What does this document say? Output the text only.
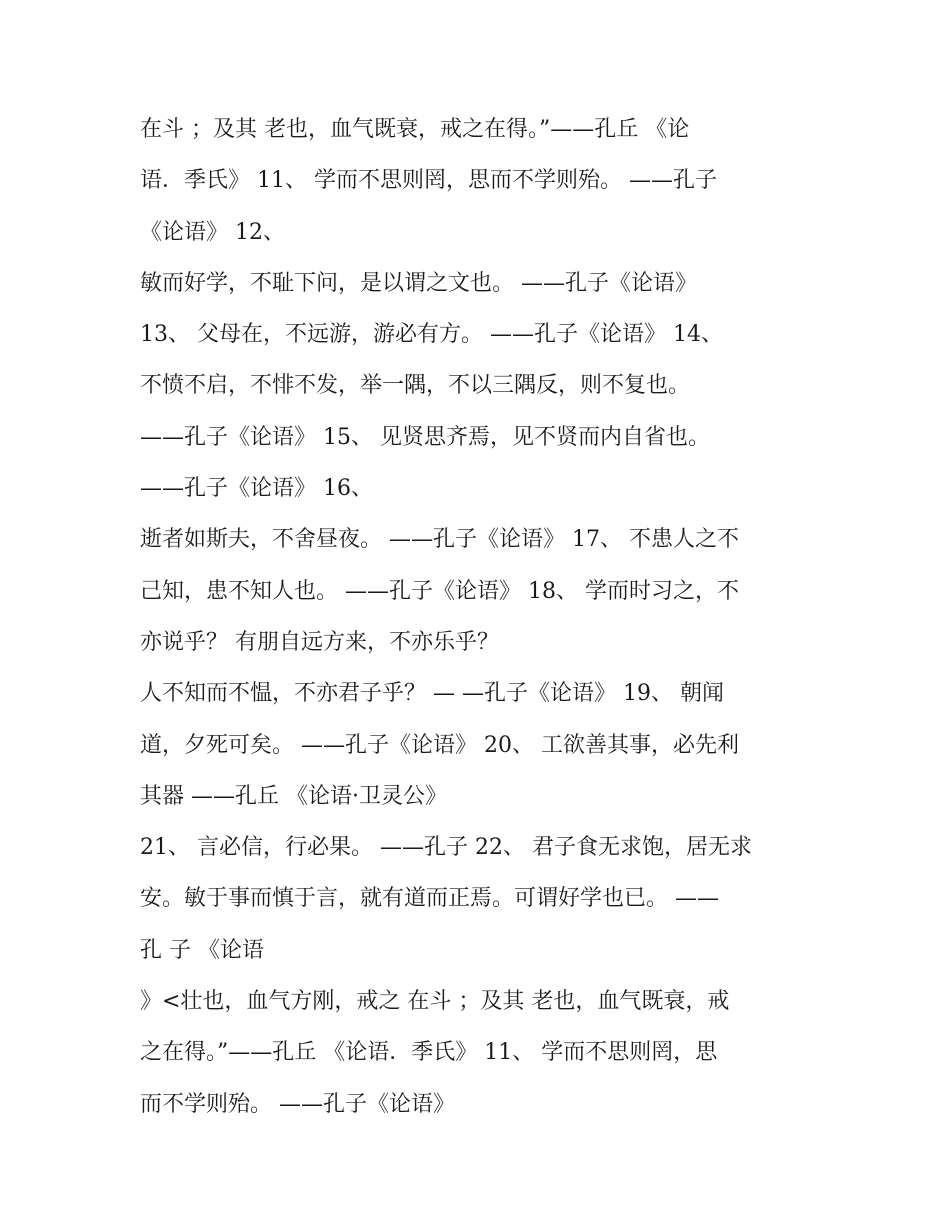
在斗 ；及其 老也，血气既衰，戒之在得。”——孔丘 《论
语．季氏》 11、 学而不思则罔，思而不学则殆。 ——孔子
《论语》 12、
敏而好学，不耻下问，是以谓之文也。 ——孔子《论语》
13、 父母在，不远游，游必有方。 ——孔子《论语》 14、
不愤不启，不悱不发，举一隅，不以三隅反，则不复也。
——孔子《论语》 15、 见贤思齐焉，见不贤而内自省也。
——孔子《论语》 16、
逝者如斯夫，不舍昼夜。 ——孔子《论语》 17、 不患人之不
己知，患不知人也。 ——孔子《论语》 18、 学而时习之，不
亦说乎？ 有朋自远方来，不亦乐乎？
人不知而不愠，不亦君子乎？ — —孔子《论语》 19、 朝闻
道，夕死可矣。 ——孔子《论语》 20、 工欲善其事，必先利
其器 ——孔丘 《论语·卫灵公》
21、 言必信，行必果。 ——孔子 22、 君子食无求饱，居无求
安。敏于事而慎于言，就有道而正焉。可谓好学也已。 ——
孔 子 《论语
》<壮也，血气方刚，戒之 在斗 ；及其 老也，血气既衰，戒
之在得。”——孔丘 《论语．季氏》 11、 学而不思则罔，思
而不学则殆。 ——孔子《论语》
